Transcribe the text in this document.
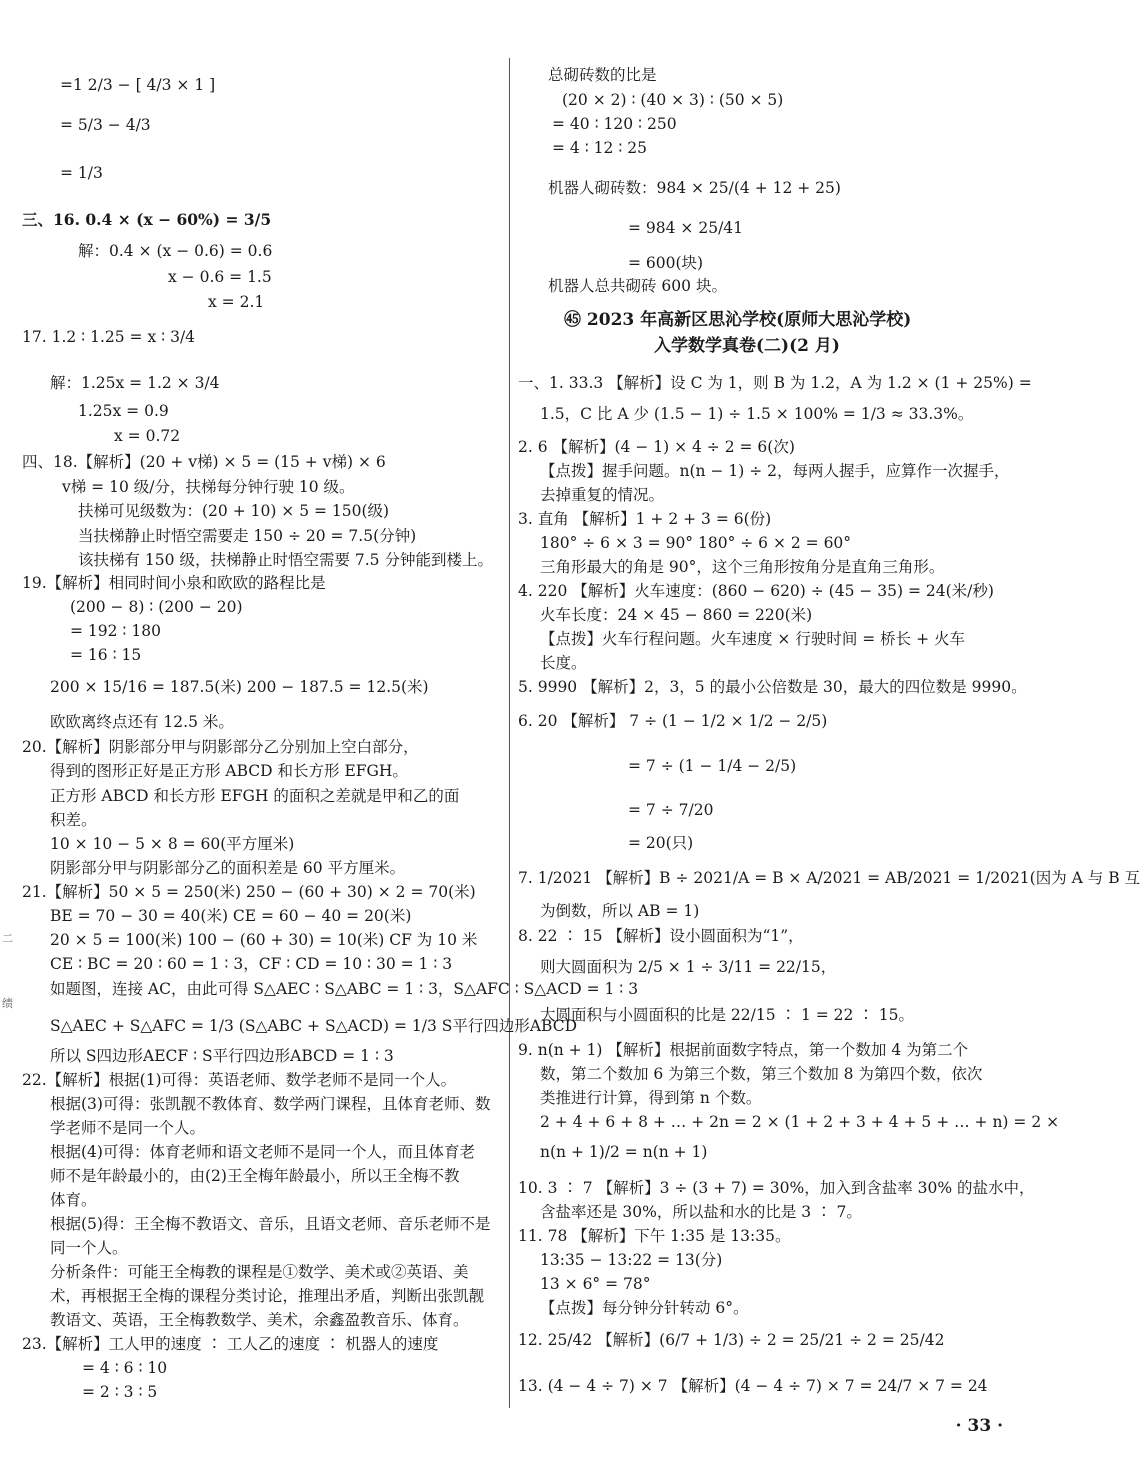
=1 2/3 − [ 4/3 × 1 ]
= 5/3 − 4/3
= 1/3
三、16. 0.4 × (x − 60%) = 3/5
解：0.4 × (x − 0.6) = 0.6
x − 0.6 = 1.5
x = 2.1
17. 1.2 ∶ 1.25 = x ∶ 3/4
解：1.25x = 1.2 × 3/4
1.25x = 0.9
x = 0.72
四、18.【解析】(20 + v梯) × 5 = (15 + v梯) × 6
v梯 = 10 级/分，扶梯每分钟行驶 10 级。
扶梯可见级数为：(20 + 10) × 5 = 150(级)
当扶梯静止时悟空需要走 150 ÷ 20 = 7.5(分钟)
该扶梯有 150 级，扶梯静止时悟空需要 7.5 分钟能到楼上。
19.【解析】相同时间小泉和欧欧的路程比是
(200 − 8) ∶ (200 − 20)
= 192 ∶ 180
= 16 ∶ 15
200 × 15/16 = 187.5(米) 200 − 187.5 = 12.5(米)
欧欧离终点还有 12.5 米。
20.【解析】阴影部分甲与阴影部分乙分别加上空白部分，
得到的图形正好是正方形 ABCD 和长方形 EFGH。
正方形 ABCD 和长方形 EFGH 的面积之差就是甲和乙的面
积差。
10 × 10 − 5 × 8 = 60(平方厘米)
阴影部分甲与阴影部分乙的面积差是 60 平方厘米。
21.【解析】50 × 5 = 250(米) 250 − (60 + 30) × 2 = 70(米)
BE = 70 − 30 = 40(米) CE = 60 − 40 = 20(米)
20 × 5 = 100(米) 100 − (60 + 30) = 10(米) CF 为 10 米
CE ∶ BC = 20 ∶ 60 = 1 ∶ 3，CF ∶ CD = 10 ∶ 30 = 1 ∶ 3
如题图，连接 AC，由此可得 S△AEC ∶ S△ABC = 1 ∶ 3，S△AFC ∶ S△ACD = 1 ∶ 3
S△AEC + S△AFC = 1/3 (S△ABC + S△ACD) = 1/3 S平行四边形ABCD
所以 S四边形AECF ∶ S平行四边形ABCD = 1 ∶ 3
22.【解析】根据(1)可得：英语老师、数学老师不是同一个人。
根据(3)可得：张凯靓不教体育、数学两门课程，且体育老师、数
学老师不是同一个人。
根据(4)可得：体育老师和语文老师不是同一个人，而且体育老
师不是年龄最小的，由(2)王全梅年龄最小，所以王全梅不教
体育。
根据(5)得：王全梅不教语文、音乐，且语文老师、音乐老师不是
同一个人。
分析条件：可能王全梅教的课程是①数学、美术或②英语、美
术，再根据王全梅的课程分类讨论，推理出矛盾，判断出张凯靓
教语文、英语，王全梅教数学、美术，余鑫盈教音乐、体育。
23.【解析】工人甲的速度 ∶ 工人乙的速度 ∶ 机器人的速度
= 4 ∶ 6 ∶ 10
= 2 ∶ 3 ∶ 5
总砌砖数的比是
(20 × 2) ∶ (40 × 3) ∶ (50 × 5)
= 40 ∶ 120 ∶ 250
= 4 ∶ 12 ∶ 25
机器人砌砖数：984 × 25/(4 + 12 + 25)
= 984 × 25/41
= 600(块)
机器人总共砌砖 600 块。
㊺ 2023 年高新区思沁学校(原师大思沁学校)
入学数学真卷(二)(2 月)
一、1. 33.3 【解析】设 C 为 1，则 B 为 1.2，A 为 1.2 × (1 + 25%) =
1.5，C 比 A 少 (1.5 − 1) ÷ 1.5 × 100% = 1/3 ≈ 33.3%。
2. 6 【解析】(4 − 1) × 4 ÷ 2 = 6(次)
【点拨】握手问题。n(n − 1) ÷ 2，每两人握手，应算作一次握手，
去掉重复的情况。
3. 直角 【解析】1 + 2 + 3 = 6(份)
180° ÷ 6 × 3 = 90° 180° ÷ 6 × 2 = 60°
三角形最大的角是 90°，这个三角形按角分是直角三角形。
4. 220 【解析】火车速度：(860 − 620) ÷ (45 − 35) = 24(米/秒)
火车长度：24 × 45 − 860 = 220(米)
【点拨】火车行程问题。火车速度 × 行驶时间 = 桥长 + 火车
长度。
5. 9990 【解析】2，3，5 的最小公倍数是 30，最大的四位数是 9990。
6. 20 【解析】 7 ÷ (1 − 1/2 × 1/2 − 2/5)
= 7 ÷ (1 − 1/4 − 2/5)
= 7 ÷ 7/20
= 20(只)
7. 1/2021 【解析】B ÷ 2021/A = B × A/2021 = AB/2021 = 1/2021(因为 A 与 B 互
为倒数，所以 AB = 1)
8. 22 ∶ 15 【解析】设小圆面积为“1”，
则大圆面积为 2/5 × 1 ÷ 3/11 = 22/15，
大圆面积与小圆面积的比是 22/15 ∶ 1 = 22 ∶ 15。
9. n(n + 1) 【解析】根据前面数字特点，第一个数加 4 为第二个
数，第二个数加 6 为第三个数，第三个数加 8 为第四个数，依次
类推进行计算，得到第 n 个数。
2 + 4 + 6 + 8 + … + 2n = 2 × (1 + 2 + 3 + 4 + 5 + … + n) = 2 ×
n(n + 1)/2 = n(n + 1)
10. 3 ∶ 7 【解析】3 ÷ (3 + 7) = 30%，加入到含盐率 30% 的盐水中，
含盐率还是 30%，所以盐和水的比是 3 ∶ 7。
11. 78 【解析】下午 1:35 是 13:35。
13:35 − 13:22 = 13(分)
13 × 6° = 78°
【点拨】每分钟分针转动 6°。
12. 25/42 【解析】(6/7 + 1/3) ÷ 2 = 25/21 ÷ 2 = 25/42
13. (4 − 4 ÷ 7) × 7 【解析】(4 − 4 ÷ 7) × 7 = 24/7 × 7 = 24
· 33 ·
二
绩
